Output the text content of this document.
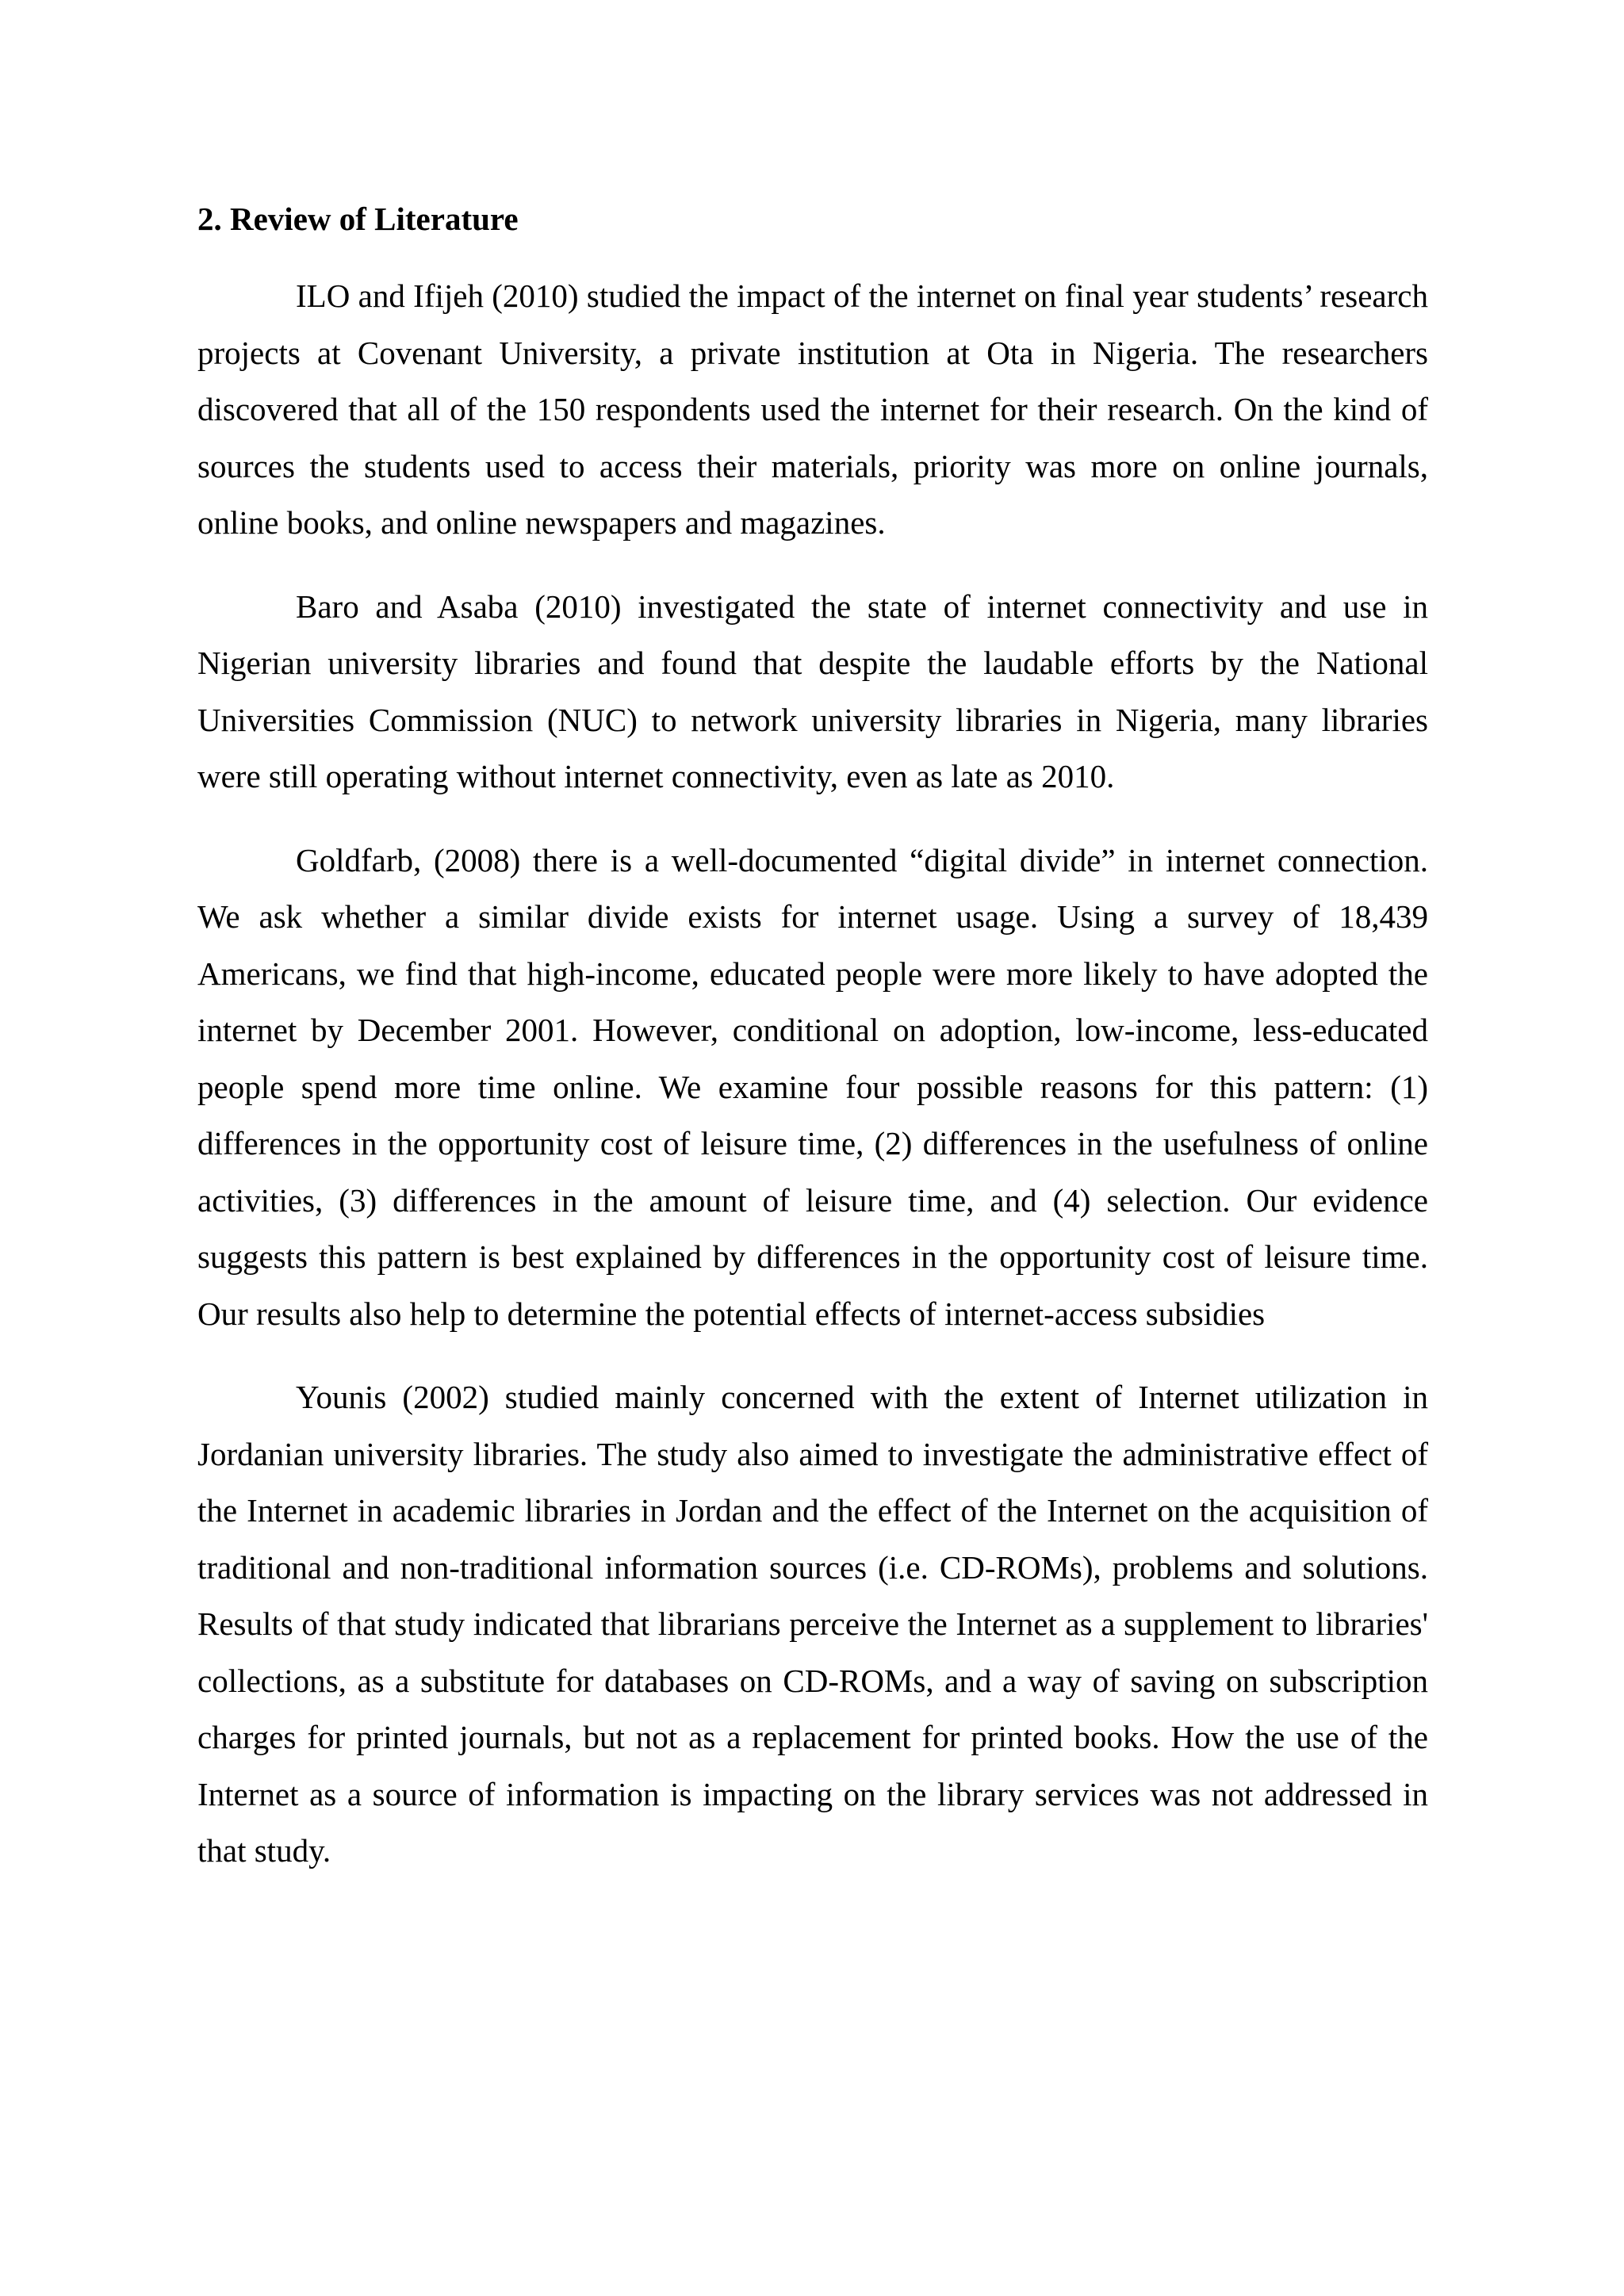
2. Review of Literature

ILO and Ifijeh (2010) studied the impact of the internet on final year students’ research projects at Covenant University, a private institution at Ota in Nigeria. The researchers discovered that all of the 150 respondents used the internet for their research. On the kind of sources the students used to access their materials, priority was more on online journals, online books, and online newspapers and magazines.

Baro and Asaba (2010) investigated the state of internet connectivity and use in Nigerian university libraries and found that despite the laudable efforts by the National Universities Commission (NUC) to network university libraries in Nigeria, many libraries were still operating without internet connectivity, even as late as 2010.

Goldfarb, (2008) there is a well-documented “digital divide” in internet connection. We ask whether a similar divide exists for internet usage. Using a survey of 18,439 Americans, we find that high-income, educated people were more likely to have adopted the internet by December 2001. However, conditional on adoption, low-income, less-educated people spend more time online. We examine four possible reasons for this pattern: (1) differences in the opportunity cost of leisure time, (2) differences in the usefulness of online activities, (3) differences in the amount of leisure time, and (4) selection. Our evidence suggests this pattern is best explained by differences in the opportunity cost of leisure time. Our results also help to determine the potential effects of internet-access subsidies

Younis (2002) studied mainly concerned with the extent of Internet utilization in Jordanian university libraries. The study also aimed to investigate the administrative effect of the Internet in academic libraries in Jordan and the effect of the Internet on the acquisition of traditional and non-traditional information sources (i.e. CD-ROMs), problems and solutions. Results of that study indicated that librarians perceive the Internet as a supplement to libraries' collections, as a substitute for databases on CD-ROMs, and a way of saving on subscription charges for printed journals, but not as a replacement for printed books. How the use of the Internet as a source of information is impacting on the library services was not addressed in that study.
